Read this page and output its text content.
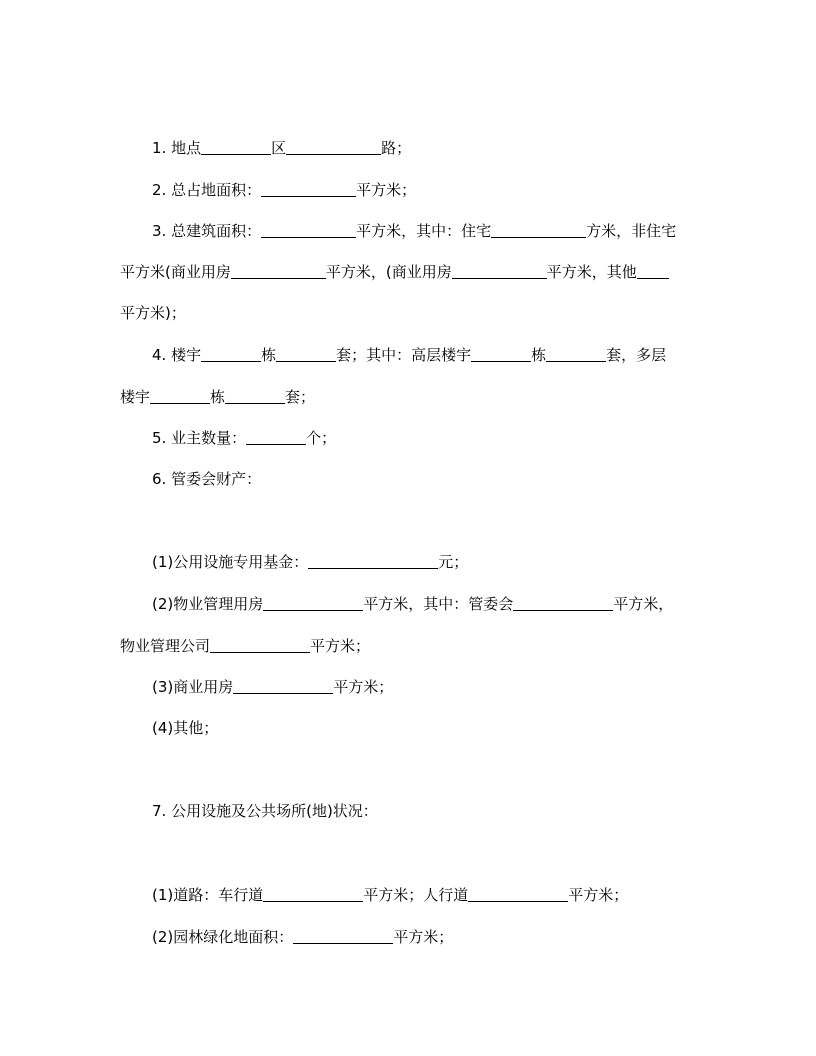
1. 地点	区	路；
2. 总占地面积：	平方米；
3. 总建筑面积：	平方米，其中：住宅	方米，非住宅
平方米(商业用房	平方米，(商业用房	平方米，其他
平方米)；
4. 楼宇	栋	套；其中：高层楼宇	栋	套，多层
楼宇	栋	套；
5. 业主数量：	个；
6. 管委会财产：
(1)公用设施专用基金：	元；
(2)物业管理用房	平方米，其中：管委会	平方米，
物业管理公司	平方米；
(3)商业用房	平方米；
(4)其他；
7. 公用设施及公共场所(地)状况：
(1)道路：车行道	平方米；人行道	平方米；
(2)园林绿化地面积：	平方米；
